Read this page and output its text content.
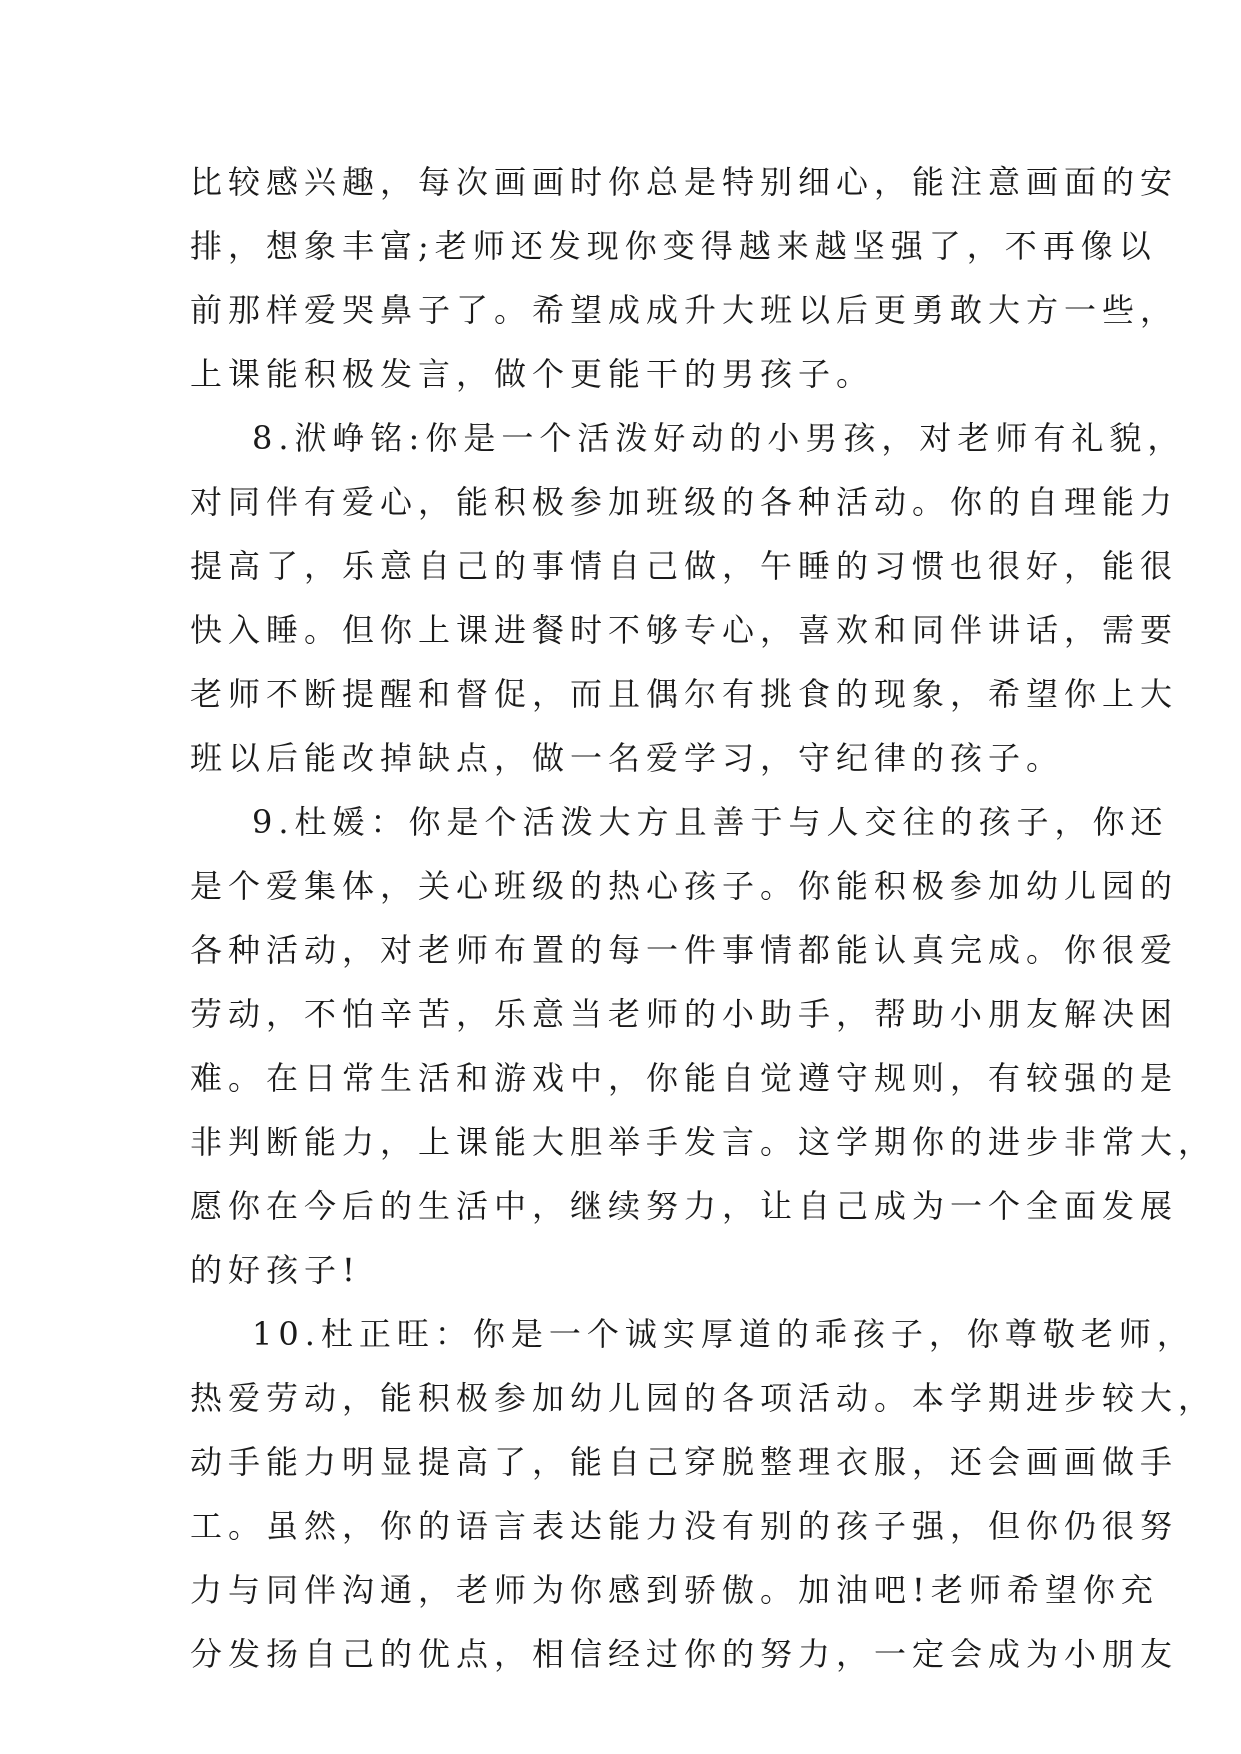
比较感兴趣，每次画画时你总是特别细心，能注意画面的安
排，想象丰富;老师还发现你变得越来越坚强了，不再像以
前那样爱哭鼻子了。希望成成升大班以后更勇敢大方一些，
上课能积极发言，做个更能干的男孩子。
8.洑峥铭:你是一个活泼好动的小男孩，对老师有礼貌，
对同伴有爱心，能积极参加班级的各种活动。你的自理能力
提高了，乐意自己的事情自己做，午睡的习惯也很好，能很
快入睡。但你上课进餐时不够专心，喜欢和同伴讲话，需要
老师不断提醒和督促，而且偶尔有挑食的现象，希望你上大
班以后能改掉缺点，做一名爱学习，守纪律的孩子。
9.杜媛：你是个活泼大方且善于与人交往的孩子，你还
是个爱集体，关心班级的热心孩子。你能积极参加幼儿园的
各种活动，对老师布置的每一件事情都能认真完成。你很爱
劳动，不怕辛苦，乐意当老师的小助手，帮助小朋友解决困
难。在日常生活和游戏中，你能自觉遵守规则，有较强的是
非判断能力，上课能大胆举手发言。这学期你的进步非常大，
愿你在今后的生活中，继续努力，让自己成为一个全面发展
的好孩子!
10.杜正旺：你是一个诚实厚道的乖孩子，你尊敬老师，
热爱劳动，能积极参加幼儿园的各项活动。本学期进步较大，
动手能力明显提高了，能自己穿脱整理衣服，还会画画做手
工。虽然，你的语言表达能力没有别的孩子强，但你仍很努
力与同伴沟通，老师为你感到骄傲。加油吧!老师希望你充
分发扬自己的优点，相信经过你的努力，一定会成为小朋友
